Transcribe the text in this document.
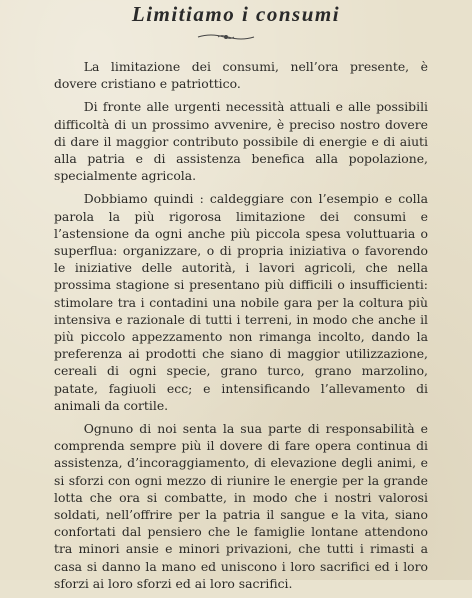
Limitiamo i consumi

La limitazione dei consumi, nell’ora presente, è dovere cristiano e patriottico.

Di fronte alle urgenti necessità attuali e alle possibili difficoltà di un prossimo avvenire, è preciso nostro dovere di dare il maggior contributo possibile di energie e di aiuti alla patria e di assistenza benefica alla popolazione, specialmente agricola.

Dobbiamo quindi : caldeggiare con l’esempio e colla parola la più rigorosa limitazione dei consumi e l’astensione da ogni anche più piccola spesa voluttuaria o superflua: organizzare, o di propria iniziativa o favorendo le iniziative delle autorità, i lavori agricoli, che nella prossima stagione si presentano più difficili o insufficienti: stimolare tra i contadini una nobile gara per la coltura più intensiva e razionale di tutti i terreni, in modo che anche il più piccolo appezzamento non rimanga incolto, dando la preferenza ai prodotti che siano di maggior utilizzazione, cereali di ogni specie, grano turco, grano marzolino, patate, fagiuoli ecc; e intensificando l’allevamento di animali da cortile.

Ognuno di noi senta la sua parte di responsabilità e comprenda sempre più il dovere di fare opera continua di assistenza, d’incoraggiamento, di elevazione degli animi, e si sforzi con ogni mezzo di riunire le energie per la grande lotta che ora si combatte, in modo che i nostri valorosi soldati, nell’offrire per la patria il sangue e la vita, siano confortati dal pensiero che le famiglie lontane attendono tra minori ansie e minori privazioni, che tutti i rimasti a casa si danno la mano ed uniscono i loro sacrifici ed i loro sforzi ai loro sforzi ed ai loro sacrifici.
